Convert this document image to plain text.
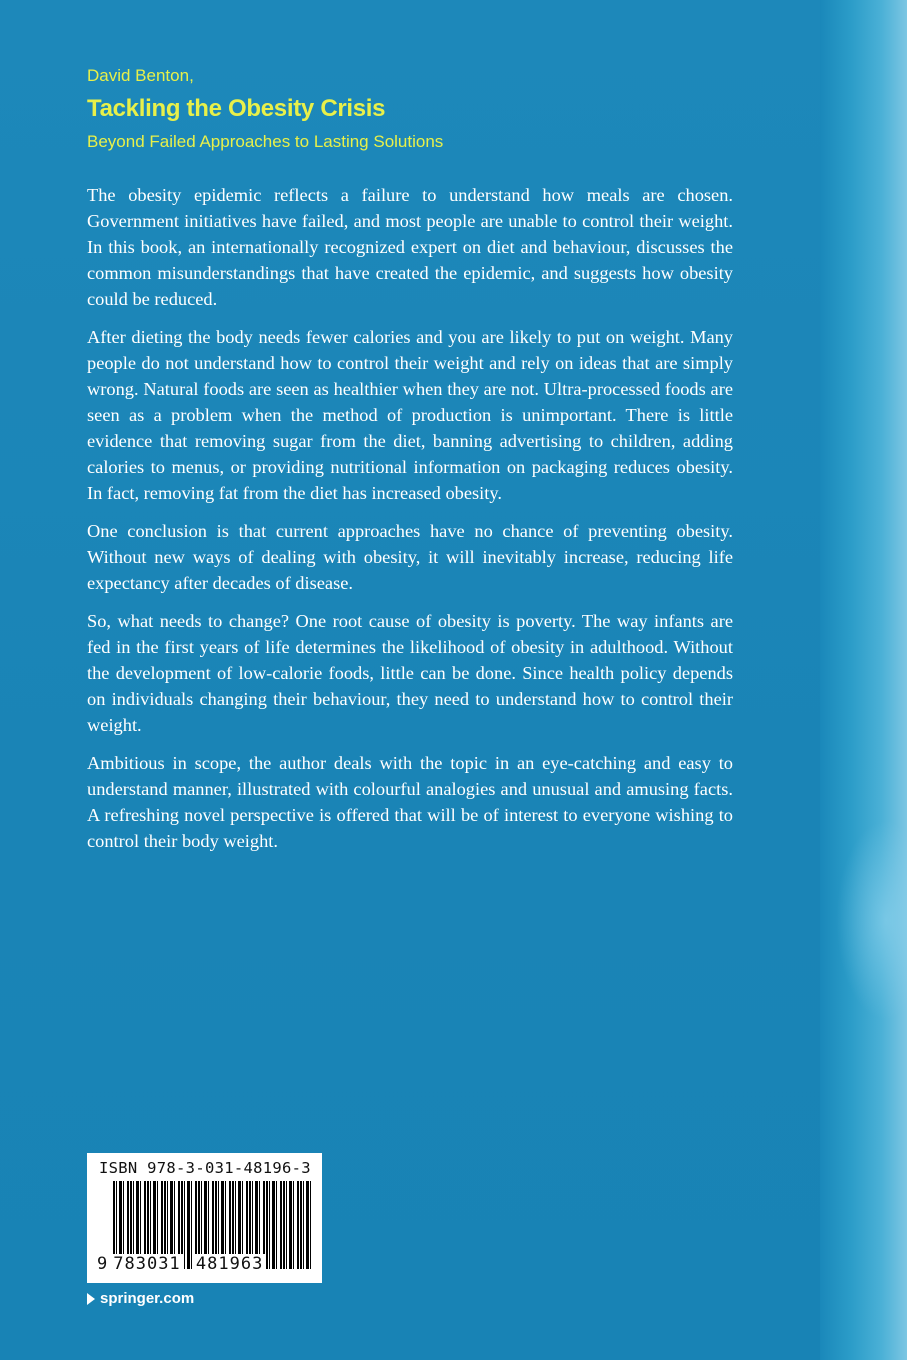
David Benton,

Tackling the Obesity Crisis

Beyond Failed Approaches to Lasting Solutions

The obesity epidemic reflects a failure to understand how meals are chosen. Government initiatives have failed, and most people are unable to control their weight. In this book, an internationally recognized expert on diet and behaviour, discusses the common misunderstandings that have created the epidemic, and suggests how obesity could be reduced.

After dieting the body needs fewer calories and you are likely to put on weight. Many people do not understand how to control their weight and rely on ideas that are simply wrong. Natural foods are seen as healthier when they are not. Ultra-processed foods are seen as a problem when the method of production is unimportant. There is little evidence that removing sugar from the diet, banning advertising to children, adding calories to menus, or providing nutritional information on packaging reduces obesity. In fact, removing fat from the diet has increased obesity.

One conclusion is that current approaches have no chance of preventing obesity. Without new ways of dealing with obesity, it will inevitably increase, reducing life expectancy after decades of disease.

So, what needs to change? One root cause of obesity is poverty. The way infants are fed in the first years of life determines the likelihood of obesity in adulthood. Without the development of low-calorie foods, little can be done. Since health policy depends on individuals changing their behaviour, they need to understand how to control their weight.

Ambitious in scope, the author deals with the topic in an eye-catching and easy to understand manner, illustrated with colourful analogies and unusual and amusing facts. A refreshing novel perspective is offered that will be of interest to everyone wishing to control their body weight.

ISBN 978-3-031-48196-3

9 783031 481963

springer.com
